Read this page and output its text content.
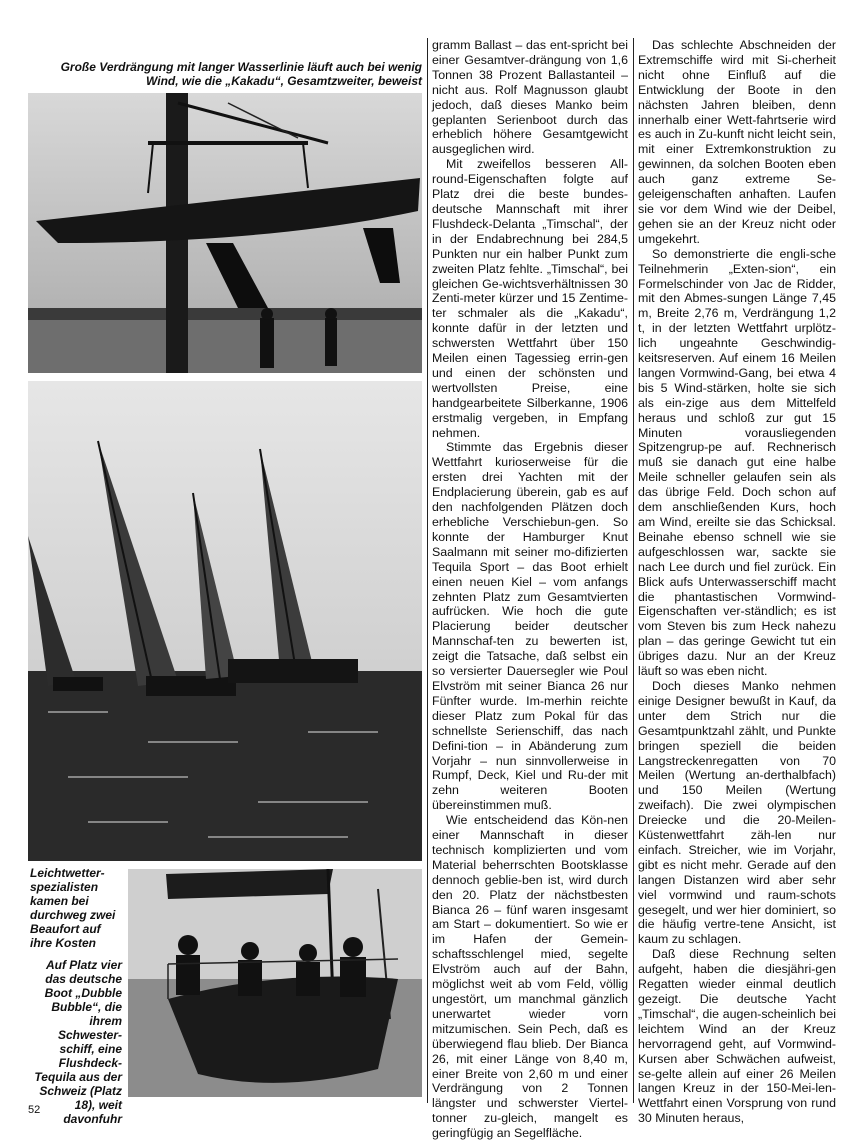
Große Verdrängung mit langer Wasserlinie läuft auch bei wenig Wind, wie die „Kakadu“, Gesamtzweiter, beweist
Leichtwetter-spezialisten kamen bei durchweg zwei Beaufort auf ihre Kosten
Auf Platz vier das deutsche Boot „Dubble Bubble“, die ihrem Schwester-schiff, eine Flushdeck-Tequila aus der Schweiz (Platz 18), weit davonfuhr

gramm Ballast – das ent-spricht bei einer Gesamtver-drängung von 1,6 Tonnen 38 Prozent Ballastanteil – nicht aus. Rolf Magnusson glaubt jedoch, daß dieses Manko beim geplanten Serienboot durch das erheblich höhere Gesamtgewicht ausgeglichen wird.

Mit zweifellos besseren All-round-Eigenschaften folgte auf Platz drei die beste bundes-deutsche Mannschaft mit ihrer Flushdeck-Delanta „Timschal“, der in der Endabrechnung bei 284,5 Punkten nur ein halber Punkt zum zweiten Platz fehlte. „Timschal“, bei gleichen Ge-wichtsverhältnissen 30 Zenti-meter kürzer und 15 Zentime-ter schmaler als die „Kakadu“, konnte dafür in der letzten und schwersten Wettfahrt über 150 Meilen einen Tagessieg errin-gen und einen der schönsten und wertvollsten Preise, eine handgearbeitete Silberkanne, 1906 erstmalig vergeben, in Empfang nehmen.

Stimmte das Ergebnis dieser Wettfahrt kurioserweise für die ersten drei Yachten mit der Endplacierung überein, gab es auf den nachfolgenden Plätzen doch erhebliche Verschiebun-gen. So konnte der Hamburger Knut Saalmann mit seiner mo-difizierten Tequila Sport – das Boot erhielt einen neuen Kiel – vom anfangs zehnten Platz zum Gesamtvierten aufrücken. Wie hoch die gute Placierung beider deutscher Mannschaf-ten zu bewerten ist, zeigt die Tatsache, daß selbst ein so versierter Dauersegler wie Poul Elvström mit seiner Bianca 26 nur Fünfter wurde. Im-merhin reichte dieser Platz zum Pokal für das schnellste Serienschiff, das nach Defini-tion – in Abänderung zum Vorjahr – nun sinnvollerweise in Rumpf, Deck, Kiel und Ru-der mit zehn weiteren Booten übereinstimmen muß.

Wie entscheidend das Kön-nen einer Mannschaft in dieser technisch komplizierten und vom Material beherrschten Bootsklasse dennoch geblie-ben ist, wird durch den 20. Platz der nächstbesten Bianca 26 – fünf waren insgesamt am Start – dokumentiert. So wie er im Hafen der Gemein-schaftsschlengel mied, segelte Elvström auch auf der Bahn, möglichst weit ab vom Feld, völlig ungestört, um manchmal gänzlich unerwartet wieder vorn mitzumischen. Sein Pech, daß es überwiegend flau blieb. Der Bianca 26, mit einer Länge von 8,40 m, einer Breite von 2,60 m und einer Verdrängung von 2 Tonnen längster und schwerster Viertel-tonner zu-gleich, mangelt es geringfügig an Segelfläche.

Das schlechte Abschneiden der Extremschiffe wird mit Si-cherheit nicht ohne Einfluß auf die Entwicklung der Boote in den nächsten Jahren bleiben, denn innerhalb einer Wett-fahrtserie wird es auch in Zu-kunft nicht leicht sein, mit einer Extremkonstruktion zu gewinnen, da solchen Booten eben auch ganz extreme Se-geleigenschaften anhaften. Laufen sie vor dem Wind wie der Deibel, gehen sie an der Kreuz nicht oder umgekehrt.

So demonstrierte die engli-sche Teilnehmerin „Exten-sion“, ein Formelschinder von Jac de Ridder, mit den Abmes-sungen Länge 7,45 m, Breite 2,76 m, Verdrängung 1,2 t, in der letzten Wettfahrt urplötz-lich ungeahnte Geschwindig-keitsreserven. Auf einem 16 Meilen langen Vormwind-Gang, bei etwa 4 bis 5 Wind-stärken, holte sie sich als ein-zige aus dem Mittelfeld heraus und schloß zur gut 15 Minuten vorausliegenden Spitzengrup-pe auf. Rechnerisch muß sie danach gut eine halbe Meile schneller gelaufen sein als das übrige Feld. Doch schon auf dem anschließenden Kurs, hoch am Wind, ereilte sie das Schicksal. Beinahe ebenso schnell wie sie aufgeschlossen war, sackte sie nach Lee durch und fiel zurück. Ein Blick aufs Unterwasserschiff macht die phantastischen Vormwind-Eigenschaften ver-ständlich; es ist vom Steven bis zum Heck nahezu plan – das geringe Gewicht tut ein übriges dazu. Nur an der Kreuz läuft so was eben nicht.

Doch dieses Manko nehmen einige Designer bewußt in Kauf, da unter dem Strich nur die Gesamtpunktzahl zählt, und Punkte bringen speziell die beiden Langstreckenregatten von 70 Meilen (Wertung an-derthalbfach) und 150 Meilen (Wertung zweifach). Die zwei olympischen Dreiecke und die 20-Meilen-Küstenwettfahrt zäh-len nur einfach. Streicher, wie im Vorjahr, gibt es nicht mehr. Gerade auf den langen Distanzen wird aber sehr viel vormwind und raum-schots gesegelt, und wer hier dominiert, so die häufig vertre-tene Ansicht, ist kaum zu schlagen.

Daß diese Rechnung selten aufgeht, haben die diesjähri-gen Regatten wieder einmal deutlich gezeigt. Die deutsche Yacht „Timschal“, die augen-scheinlich bei leichtem Wind an der Kreuz hervorragend geht, auf Vormwind-Kursen aber Schwächen aufweist, se-gelte allein auf einer 26 Meilen langen Kreuz in der 150-Mei-len-Wettfahrt einen Vorsprung von rund 30 Minuten heraus,

52
